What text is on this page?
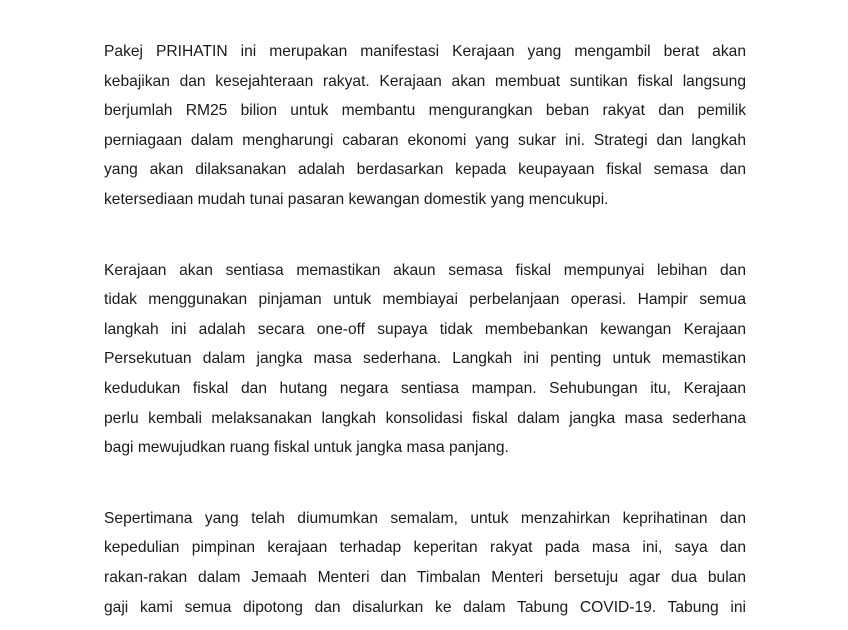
Pakej PRIHATIN ini merupakan manifestasi Kerajaan yang mengambil berat akan
kebajikan dan kesejahteraan rakyat. Kerajaan akan membuat suntikan fiskal langsung
berjumlah RM25 bilion untuk membantu mengurangkan beban rakyat dan pemilik
perniagaan dalam mengharungi cabaran ekonomi yang sukar ini. Strategi dan langkah
yang akan dilaksanakan adalah berdasarkan kepada keupayaan fiskal semasa dan
ketersediaan mudah tunai pasaran kewangan domestik yang mencukupi.

Kerajaan akan sentiasa memastikan akaun semasa fiskal mempunyai lebihan dan
tidak menggunakan pinjaman untuk membiayai perbelanjaan operasi. Hampir semua
langkah ini adalah secara one-off supaya tidak membebankan kewangan Kerajaan
Persekutuan dalam jangka masa sederhana. Langkah ini penting untuk memastikan
kedudukan fiskal dan hutang negara sentiasa mampan. Sehubungan itu, Kerajaan
perlu kembali melaksanakan langkah konsolidasi fiskal dalam jangka masa sederhana
bagi mewujudkan ruang fiskal untuk jangka masa panjang.

Sepertimana yang telah diumumkan semalam, untuk menzahirkan keprihatinan dan
kepedulian pimpinan kerajaan terhadap keperitan rakyat pada masa ini, saya dan
rakan-rakan dalam Jemaah Menteri dan Timbalan Menteri bersetuju agar dua bulan
gaji kami semua dipotong dan disalurkan ke dalam Tabung COVID-19. Tabung ini
